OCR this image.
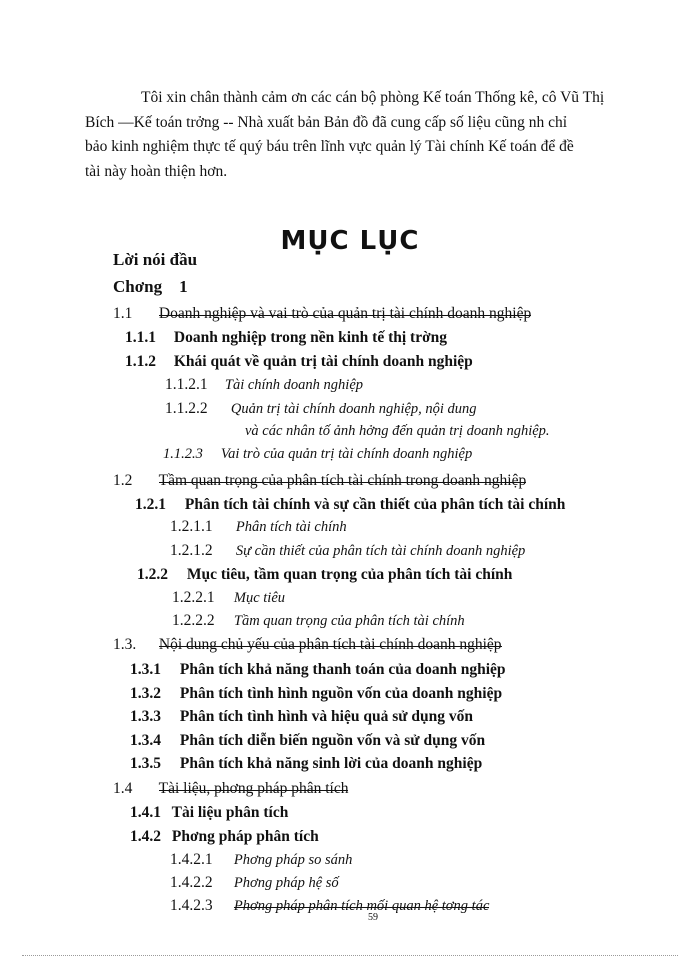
Tôi xin chân thành cảm ơn các cán bộ phòng Kế toán Thống kê, cô Vũ Thị
Bích —Kế toán trởng -- Nhà xuất bản Bản đồ đã cung cấp số liệu cũng nh chỉ
bảo kinh nghiệm thực tế quý báu trên lĩnh vực quản lý Tài chính Kế toán để đề
tài này hoàn thiện hơn.

MỤC LỤC
Lời nói đầu
Chơng 1
1.1 Doanh nghiệp và vai trò của quản trị tài chính doanh nghiệp
1.1.1 Doanh nghiệp trong nền kinh tế thị trờng
1.1.2 Khái quát về quản trị tài chính doanh nghiệp
1.1.2.1 Tài chính doanh nghiệp
1.1.2.2 Quản trị tài chính doanh nghiệp, nội dung
và các nhân tố ảnh hởng đến quản trị doanh nghiệp.
1.1.2.3 Vai trò của quản trị tài chính doanh nghiệp
1.2 Tầm quan trọng của phân tích tài chính trong doanh nghiệp
1.2.1 Phân tích tài chính và sự cần thiết của phân tích tài chính
1.2.1.1 Phân tích tài chính
1.2.1.2 Sự cần thiết của phân tích tài chính doanh nghiệp
1.2.2 Mục tiêu, tầm quan trọng của phân tích tài chính
1.2.2.1 Mục tiêu
1.2.2.2 Tầm quan trọng của phân tích tài chính
1.3. Nội dung chủ yếu của phân tích tài chính doanh nghiệp
1.3.1 Phân tích khả năng thanh toán của doanh nghiệp
1.3.2 Phân tích tình hình nguồn vốn của doanh nghiệp
1.3.3 Phân tích tình hình và hiệu quả sử dụng vốn
1.3.4 Phân tích diễn biến nguồn vốn và sử dụng vốn
1.3.5 Phân tích khả năng sinh lời của doanh nghiệp
1.4 Tài liệu, phơng pháp phân tích
1.4.1 Tài liệu phân tích
1.4.2 Phơng pháp phân tích
1.4.2.1 Phơng pháp so sánh
1.4.2.2 Phơng pháp hệ số
1.4.2.3 Phơng pháp phân tích mối quan hệ tơng tác
59
